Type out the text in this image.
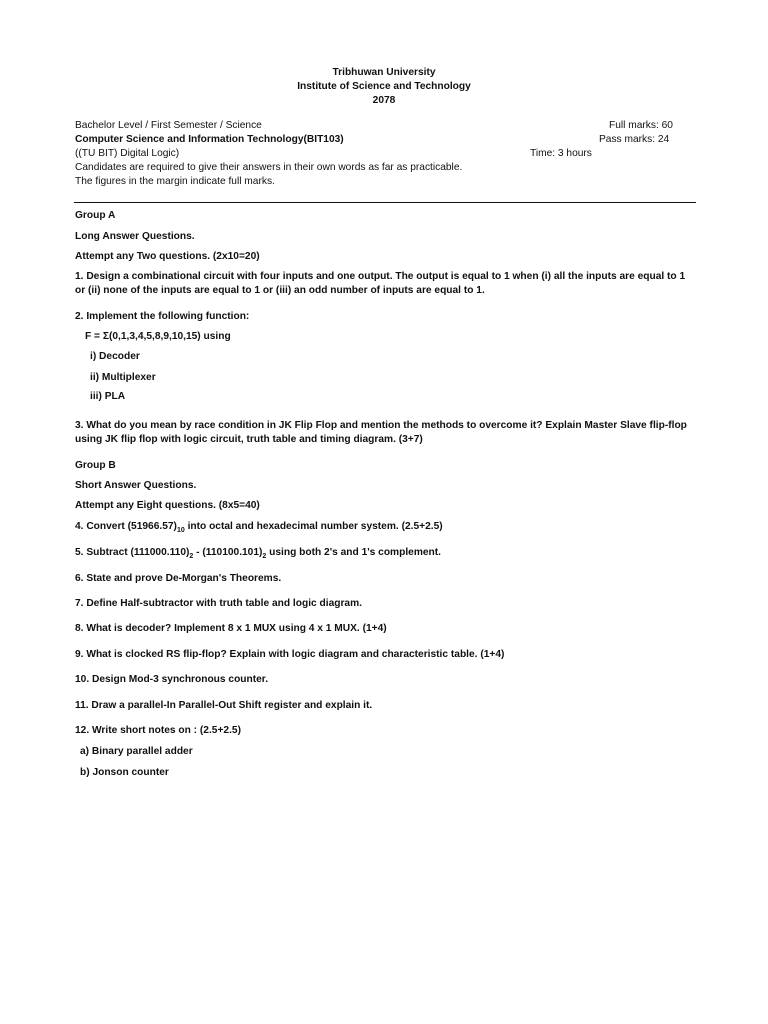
Tribhuwan University
Institute of Science and Technology
2078
Bachelor Level / First Semester / Science	Full marks: 60
Computer Science and Information Technology(BIT103)	Pass marks: 24
((TU BIT) Digital Logic)	Time: 3 hours
Candidates are required to give their answers in their own words as far as practicable.
The figures in the margin indicate full marks.
Group A
Long Answer Questions.
Attempt any Two questions. (2x10=20)
1. Design a combinational circuit with four inputs and one output. The output is equal to 1 when (i) all the inputs are equal to 1 or (ii) none of the inputs are equal to 1 or (iii) an odd number of inputs are equal to 1.
2. Implement the following function:
F = Σ(0,1,3,4,5,8,9,10,15) using
i) Decoder
ii) Multiplexer
iii) PLA
3. What do you mean by race condition in JK Flip Flop and mention the methods to overcome it? Explain Master Slave flip-flop using JK flip flop with logic circuit, truth table and timing diagram. (3+7)
Group B
Short Answer Questions.
Attempt any Eight questions. (8x5=40)
4. Convert $(51966.57)_{10}$ into octal and hexadecimal number system. (2.5+2.5)
5. Subtract $(111000.110)_2 - (110100.101)_2$ using both 2's and 1's complement.
6. State and prove De-Morgan's Theorems.
7. Define Half-subtractor with truth table and logic diagram.
8. What is decoder? Implement 8 x 1 MUX using 4 x 1 MUX. (1+4)
9. What is clocked RS flip-flop? Explain with logic diagram and characteristic table. (1+4)
10. Design Mod-3 synchronous counter.
11. Draw a parallel-In Parallel-Out Shift register and explain it.
12. Write short notes on : (2.5+2.5)
a) Binary parallel adder
b) Jonson counter
